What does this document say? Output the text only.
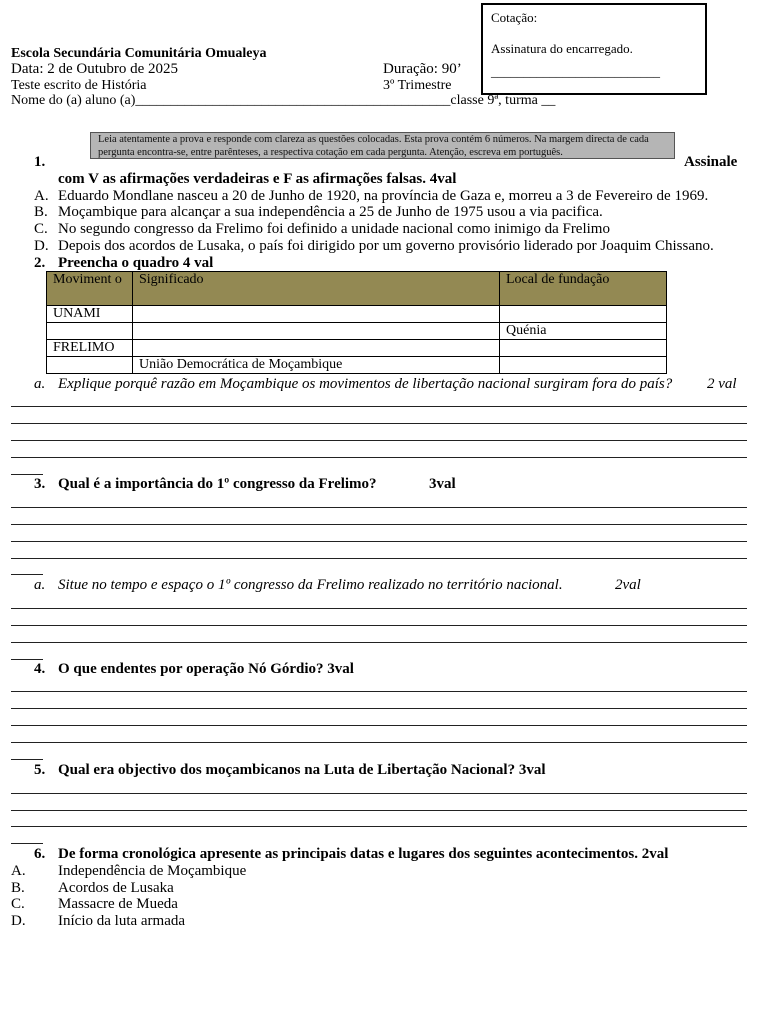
Cotação:
Assinatura do encarregado.
__________________________
Escola Secundária Comunitária Omualeya
Data: 2 de Outubro de 2025	Duração: 90’
Teste escrito de História	3º Trimestre
Nome do (a) aluno (a)_____________________________________________classe 9ª, turma __
Leia atentamente a prova e responde com clareza as questões colocadas. Esta prova contém 6 números. Na margem directa de cada pergunta encontra-se, entre parênteses, a respectiva cotação em cada pergunta. Atenção, escreva em português.
1.	Assinale
com V as afirmações verdadeiras e F as afirmações falsas. 4val
A. Eduardo Mondlane nasceu a 20 de Junho de 1920, na província de Gaza e, morreu a 3 de Fevereiro de 1969.
B. Moçambique para alcançar a sua independência a 25 de Junho de 1975 usou a via pacifica.
C. No segundo congresso da Frelimo foi definido a unidade nacional como inimigo da Frelimo
D. Depois dos acordos de Lusaka, o país foi dirigido por um governo provisório liderado por Joaquim Chissano.
2. Preencha o quadro 4 val
Moviment o	Significado	Local de fundação
UNAMI		
		Quénia
FRELIMO		
	União Democrática de Moçambique	
a. Explique porquê razão em Moçambique os movimentos de libertação nacional surgiram fora do país? 2 val
3. Qual é a importância do 1º congresso da Frelimo?	3val
a. Situe no tempo e espaço o 1º congresso da Frelimo realizado no território nacional.	2val
4. O que endentes por operação Nó Górdio? 3val
5. Qual era objectivo dos moçambicanos na Luta de Libertação Nacional? 3val
6. De forma cronológica apresente as principais datas e lugares dos seguintes acontecimentos. 2val
A. Independência de Moçambique
B. Acordos de Lusaka
C. Massacre de Mueda
D. Início da luta armada
